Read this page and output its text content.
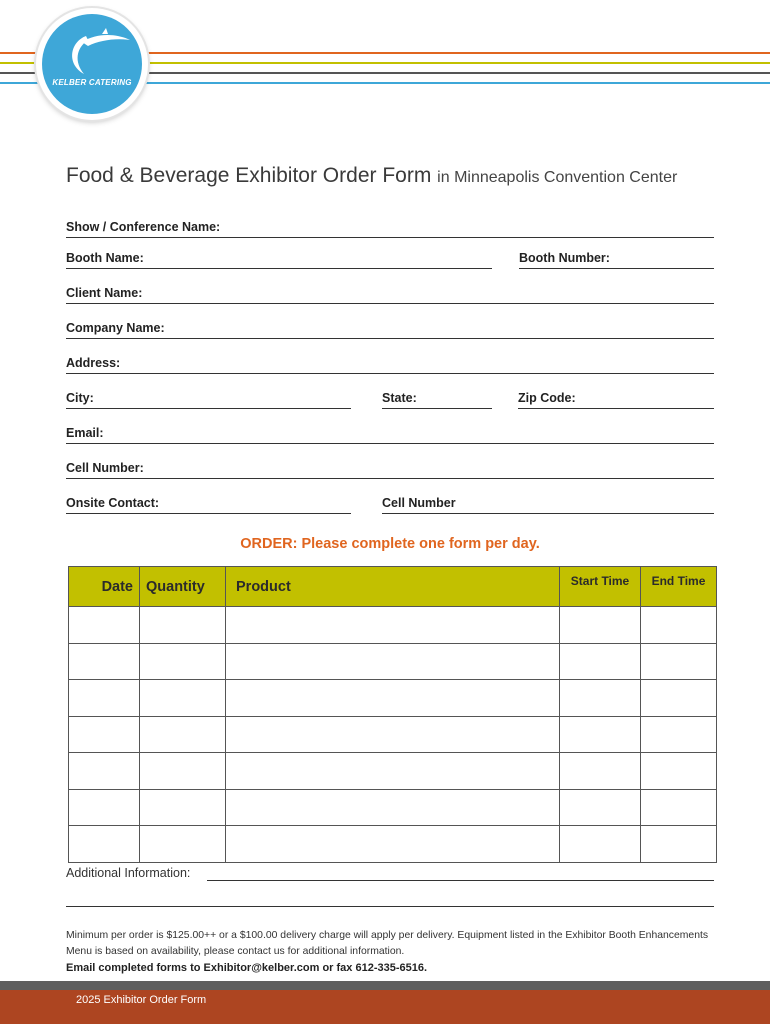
KELBER CATERING
Food & Beverage Exhibitor Order Form in Minneapolis Convention Center
Show / Conference Name:
Booth Name:	Booth Number:
Client Name:
Company Name:
Address:
City:	State:	Zip Code:
Email:
Cell Number:
Onsite Contact:	Cell Number
ORDER: Please complete one form per day.
Date	Quantity	Product	Start Time	End Time

Additional Information:
Minimum per order is $125.00++ or a $100.00 delivery charge will apply per delivery. Equipment listed in the Exhibitor Booth Enhancements Menu is based on availability, please contact us for additional information.
Email completed forms to Exhibitor@kelber.com or fax 612-335-6516.
2025 Exhibitor Order Form
